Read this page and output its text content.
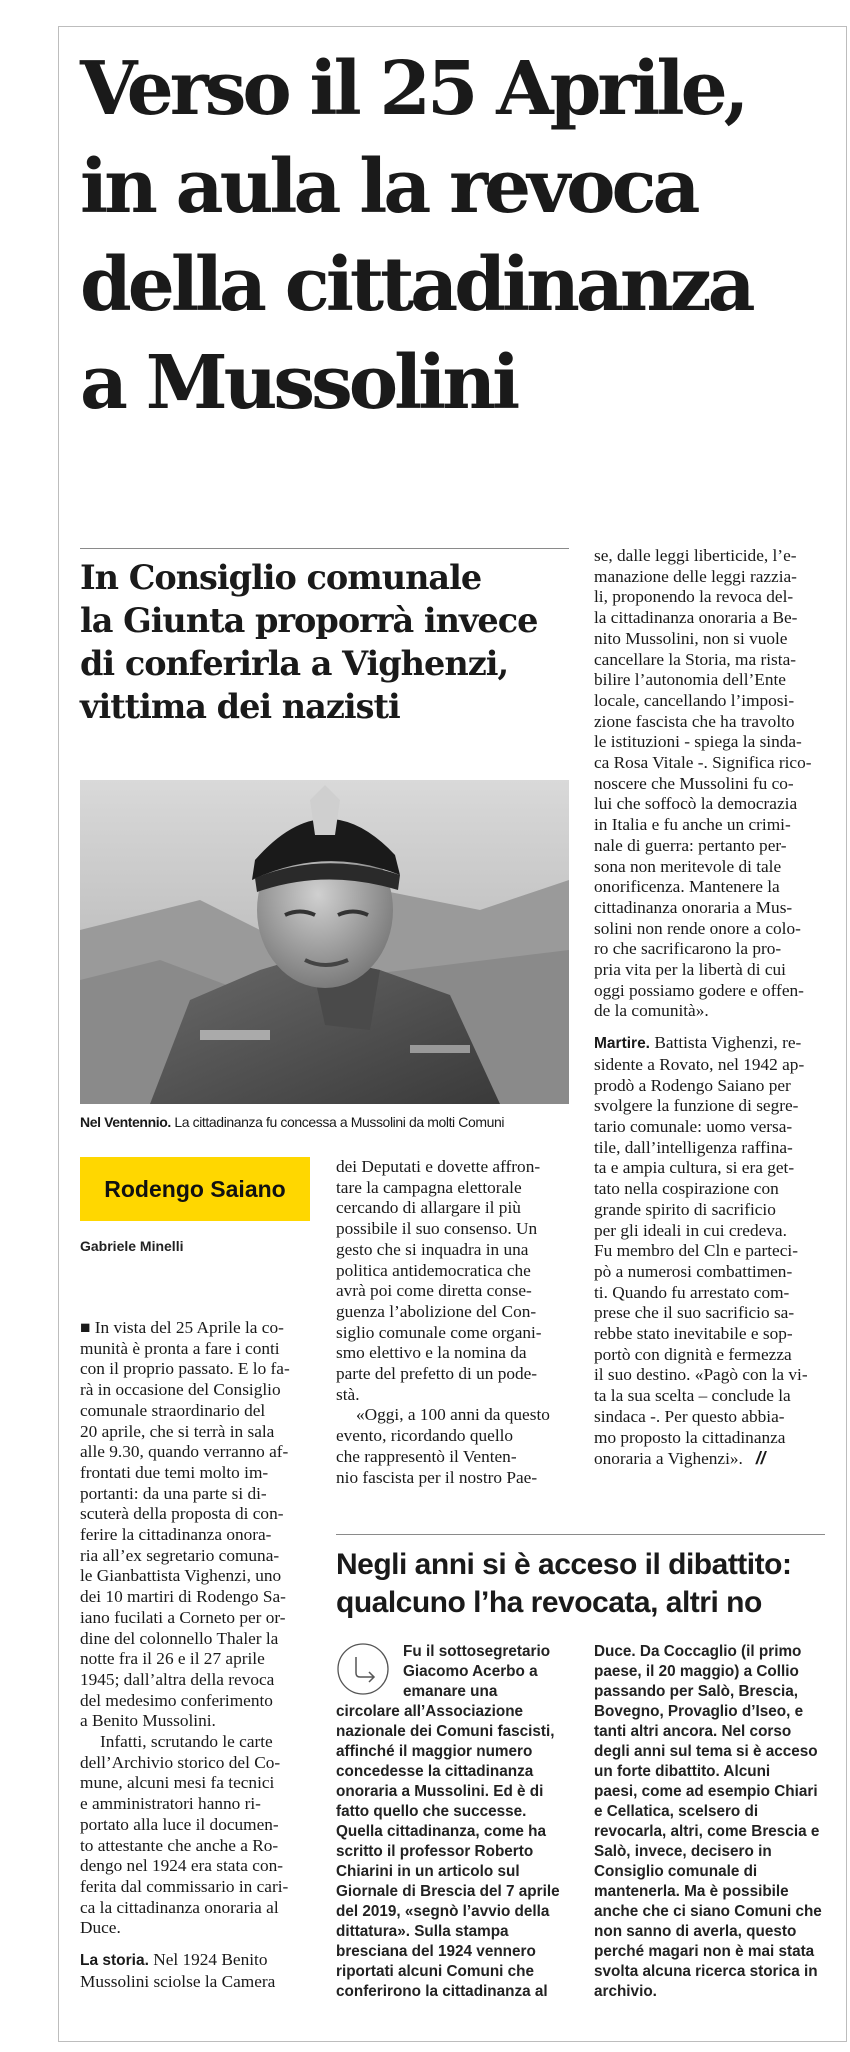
Verso il 25 Aprile,
in aula la revoca
della cittadinanza
a Mussolini
In Consiglio comunale
la Giunta proporrà invece
di conferirla a Vighenzi,
vittima dei nazisti
Nel Ventennio. La cittadinanza fu concessa a Mussolini da molti Comuni
Rodengo Saiano
Gabriele Minelli

■ In vista del 25 Aprile la co-

munità è pronta a fare i conti

con il proprio passato. E lo fa-

rà in occasione del Consiglio

comunale straordinario del

20 aprile, che si terrà in sala

alle 9.30, quando verranno af-

frontati due temi molto im-

portanti: da una parte si di-

scuterà della proposta di con-

ferire la cittadinanza onora-

ria all’ex segretario comuna-

le Gianbattista Vighenzi, uno

dei 10 martiri di Rodengo Sa-

iano fucilati a Corneto per or-

dine del colonnello Thaler la

notte fra il 26 e il 27 aprile

1945; dall’altra della revoca

del medesimo conferimento

a Benito Mussolini.

Infatti, scrutando le carte

dell’Archivio storico del Co-

mune, alcuni mesi fa tecnici

e amministratori hanno ri-

portato alla luce il documen-

to attestante che anche a Ro-

dengo nel 1924 era stata con-

ferita dal commissario in cari-

ca la cittadinanza onoraria al

Duce.

La storia. Nel 1924 Benito

Mussolini sciolse la Camera

dei Deputati e dovette affron-

tare la campagna elettorale

cercando di allargare il più

possibile il suo consenso. Un

gesto che si inquadra in una

politica antidemocratica che

avrà poi come diretta conse-

guenza l’abolizione del Con-

siglio comunale come organi-

smo elettivo e la nomina da

parte del prefetto di un pode-

stà.

«Oggi, a 100 anni da questo

evento, ricordando quello

che rappresentò il Venten-

nio fascista per il nostro Pae-

se, dalle leggi liberticide, l’e-

manazione delle leggi razzia-

li, proponendo la revoca del-

la cittadinanza onoraria a Be-

nito Mussolini, non si vuole

cancellare la Storia, ma rista-

bilire l’autonomia dell’Ente

locale, cancellando l’imposi-

zione fascista che ha travolto

le istituzioni - spiega la sinda-

ca Rosa Vitale -. Significa rico-

noscere che Mussolini fu co-

lui che soffocò la democrazia

in Italia e fu anche un crimi-

nale di guerra: pertanto per-

sona non meritevole di tale

onorificenza. Mantenere la

cittadinanza onoraria a Mus-

solini non rende onore a colo-

ro che sacrificarono la pro-

pria vita per la libertà di cui

oggi possiamo godere e offen-

de la comunità».

Martire. Battista Vighenzi, re-

sidente a Rovato, nel 1942 ap-

prodò a Rodengo Saiano per

svolgere la funzione di segre-

tario comunale: uomo versa-

tile, dall’intelligenza raffina-

ta e ampia cultura, si era get-

tato nella cospirazione con

grande spirito di sacrificio

per gli ideali in cui credeva.

Fu membro del Cln e parteci-

pò a numerosi combattimen-

ti. Quando fu arrestato com-

prese che il suo sacrificio sa-

rebbe stato inevitabile e sop-

portò con dignità e fermezza

il suo destino. «Pagò con la vi-

ta la sua scelta – conclude la

sindaca -. Per questo abbia-

mo proposto la cittadinanza

onoraria a Vighenzi». //

Negli anni si è acceso il dibattito:
qualcuno l’ha revocata, altri no

Fu il sottosegretario

Giacomo Acerbo a

emanare una

circolare all’Associazione

nazionale dei Comuni fascisti,

affinché il maggior numero

concedesse la cittadinanza

onoraria a Mussolini. Ed è di

fatto quello che successe.

Quella cittadinanza, come ha

scritto il professor Roberto

Chiarini in un articolo sul

Giornale di Brescia del 7 aprile

del 2019, «segnò l’avvio della

dittatura». Sulla stampa

bresciana del 1924 vennero

riportati alcuni Comuni che

conferirono la cittadinanza al

Duce. Da Coccaglio (il primo

paese, il 20 maggio) a Collio

passando per Salò, Brescia,

Bovegno, Provaglio d’Iseo, e

tanti altri ancora. Nel corso

degli anni sul tema si è acceso

un forte dibattito. Alcuni

paesi, come ad esempio Chiari

e Cellatica, scelsero di

revocarla, altri, come Brescia e

Salò, invece, decisero in

Consiglio comunale di

mantenerla. Ma è possibile

anche che ci siano Comuni che

non sanno di averla, questo

perché magari non è mai stata

svolta alcuna ricerca storica in

archivio.
